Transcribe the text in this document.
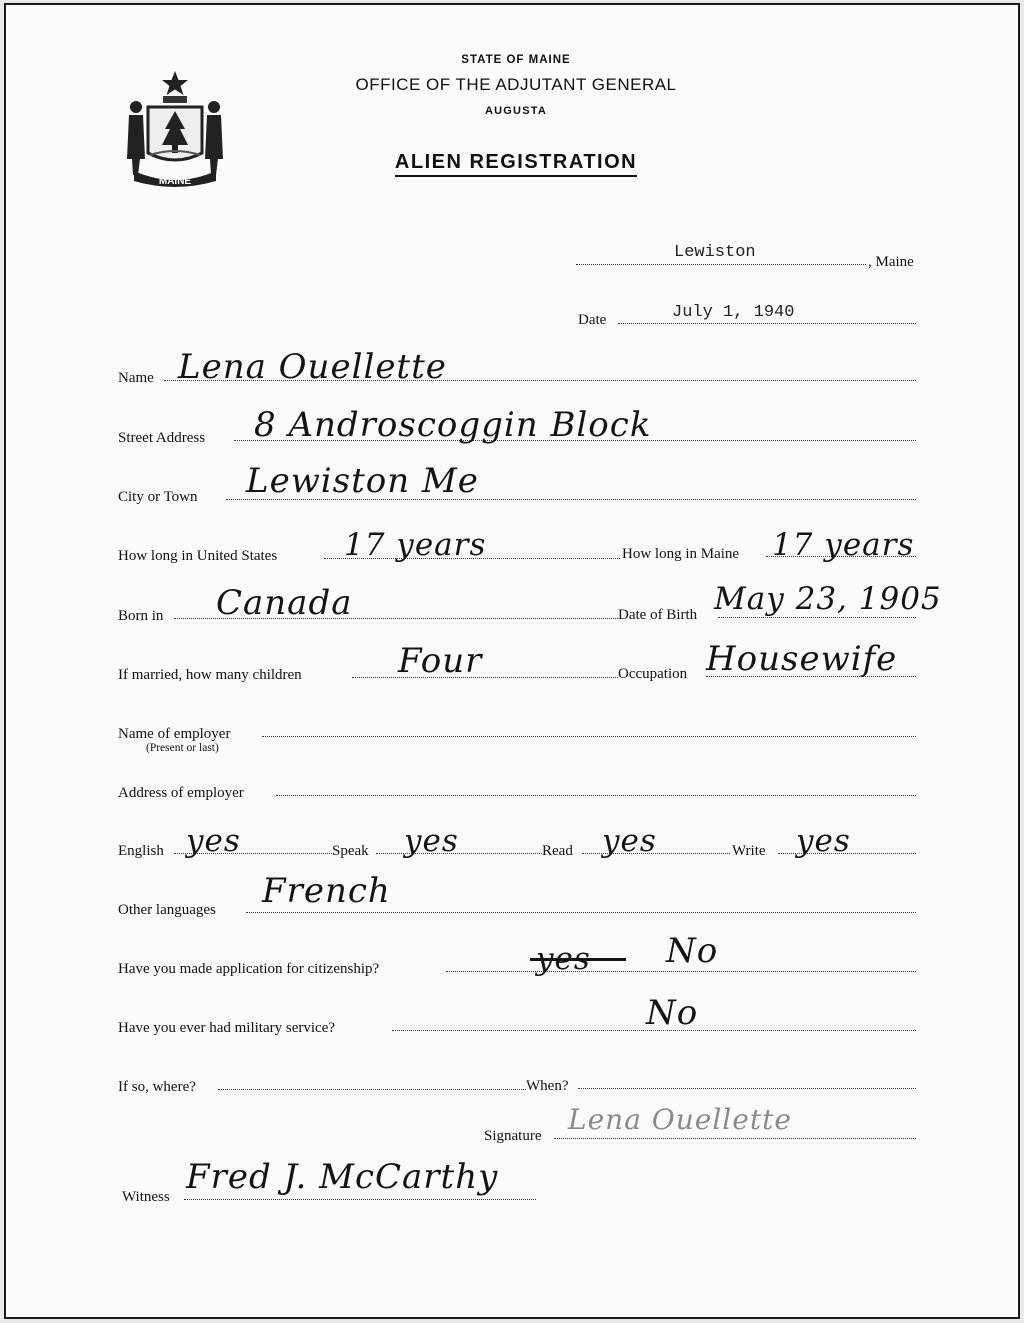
MAINE
STATE OF MAINE
OFFICE OF THE ADJUTANT GENERAL
AUGUSTA
ALIEN REGISTRATION
Lewiston	, Maine
Date	July 1, 1940
Name Lena Ouellette
Street Address 8 Androscoggin Block
City or Town Lewiston Me
How long in United States 17 years	How long in Maine 17 years
Born in Canada	Date of Birth May 23, 1905
If married, how many children	Four	Occupation Housewife
Name of employer
(Present or last)
Address of employer
English yes	Speak yes	Read yes	Write yes
Other languages French
Have you made application for citizenship?	yes No
Have you ever had military service?	No
If so, where?	When?
Signature Lena Ouellette
Witness Fred J. McCarthy
